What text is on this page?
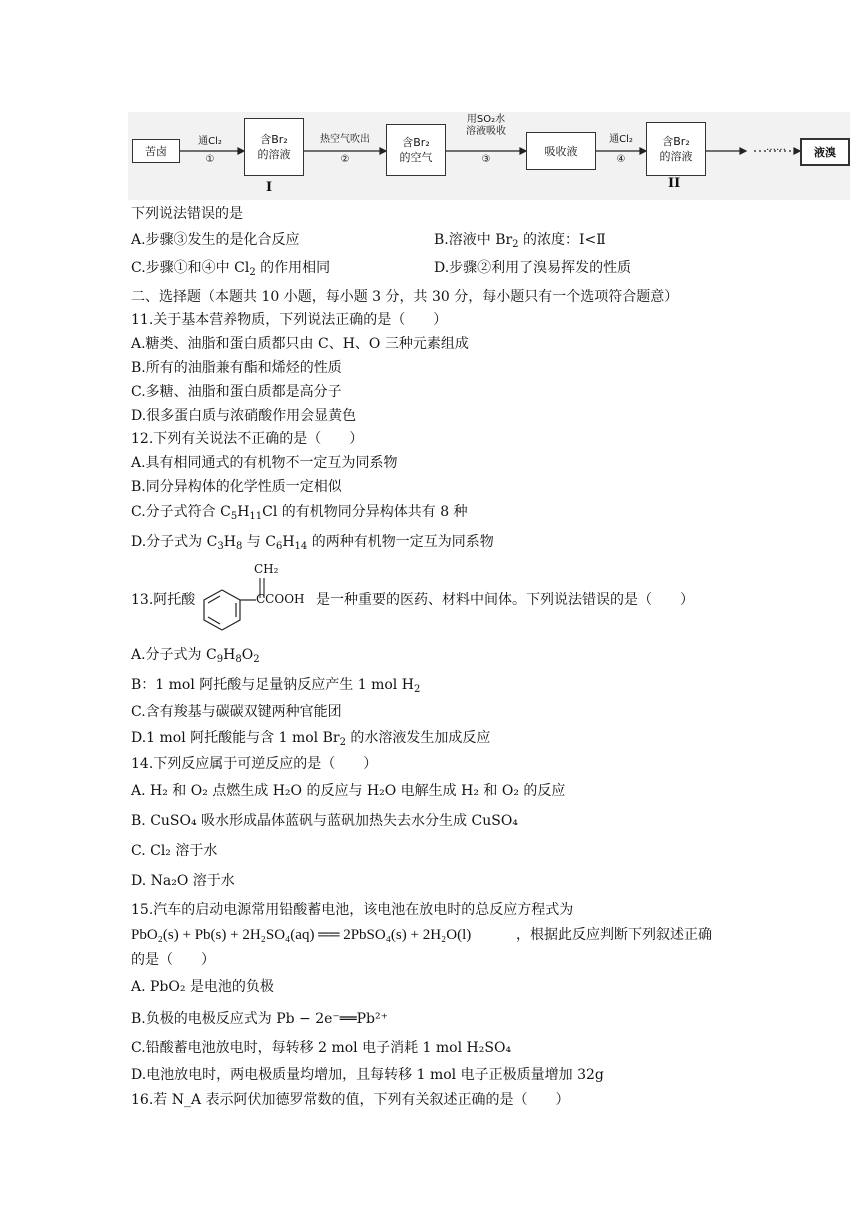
苦卤
通Cl₂
①
含Br₂
的溶液
I
热空气吹出
②
含Br₂
的空气
用SO₂水
溶液吸收
③
吸收液
通Cl₂
④
含Br₂
的溶液
II
……	液溴
下列说法错误的是
A.步骤③发生的是化合反应	B.溶液中 $Br_2$ 的浓度：Ⅰ<Ⅱ
C.步骤①和④中 $Cl_2$ 的作用相同	D.步骤②利用了溴易挥发的性质
二、选择题（本题共 10 小题，每小题 3 分，共 30 分，每小题只有一个选项符合题意）
11.关于基本营养物质，下列说法正确的是（　　）
A.糖类、油脂和蛋白质都只由 C、H、O 三种元素组成
B.所有的油脂兼有酯和烯烃的性质
C.多糖、油脂和蛋白质都是高分子
D.很多蛋白质与浓硝酸作用会显黄色
12.下列有关说法不正确的是（　　）
A.具有相同通式的有机物不一定互为同系物
B.同分异构体的化学性质一定相似
C.分子式符合 $C_5H_{11}Cl$ 的有机物同分异构体共有 8 种
D.分子式为 $C_3H_8$ 与 $C_6H_{14}$ 的两种有机物一定互为同系物
13.阿托酸
CH₂
CCOOH 是一种重要的医药、材料中间体。下列说法错误的是（　　）
A.分子式为 $C_9H_8O_2$
B：1 mol 阿托酸与足量钠反应产生 1 mol $H_2$
C.含有羧基与碳碳双键两种官能团
D.1 mol 阿托酸能与含 1 mol $Br_2$ 的水溶液发生加成反应
14.下列反应属于可逆反应的是（　　）
A. H₂ 和 O₂ 点燃生成 H₂O 的反应与 H₂O 电解生成 H₂ 和 O₂ 的反应
B. CuSO₄ 吸水形成晶体蓝矾与蓝矾加热失去水分生成 CuSO₄
C. Cl₂ 溶于水
D. Na₂O 溶于水
15.汽车的启动电源常用铅酸蓄电池，该电池在放电时的总反应方程式为
PbO₂(s) + Pb(s) + 2H₂SO₄(aq) ══ 2PbSO₄(s) + 2H₂O(l)	，根据此反应判断下列叙述正确
的是（　　）
A. PbO₂ 是电池的负极
B.负极的电极反应式为 Pb − 2e⁻══Pb²⁺
C.铅酸蓄电池放电时，每转移 2 mol 电子消耗 1 mol H₂SO₄
D.电池放电时，两电极质量均增加，且每转移 1 mol 电子正极质量增加 32g
16.若 N_A 表示阿伏加德罗常数的值，下列有关叙述正确的是（　　）
